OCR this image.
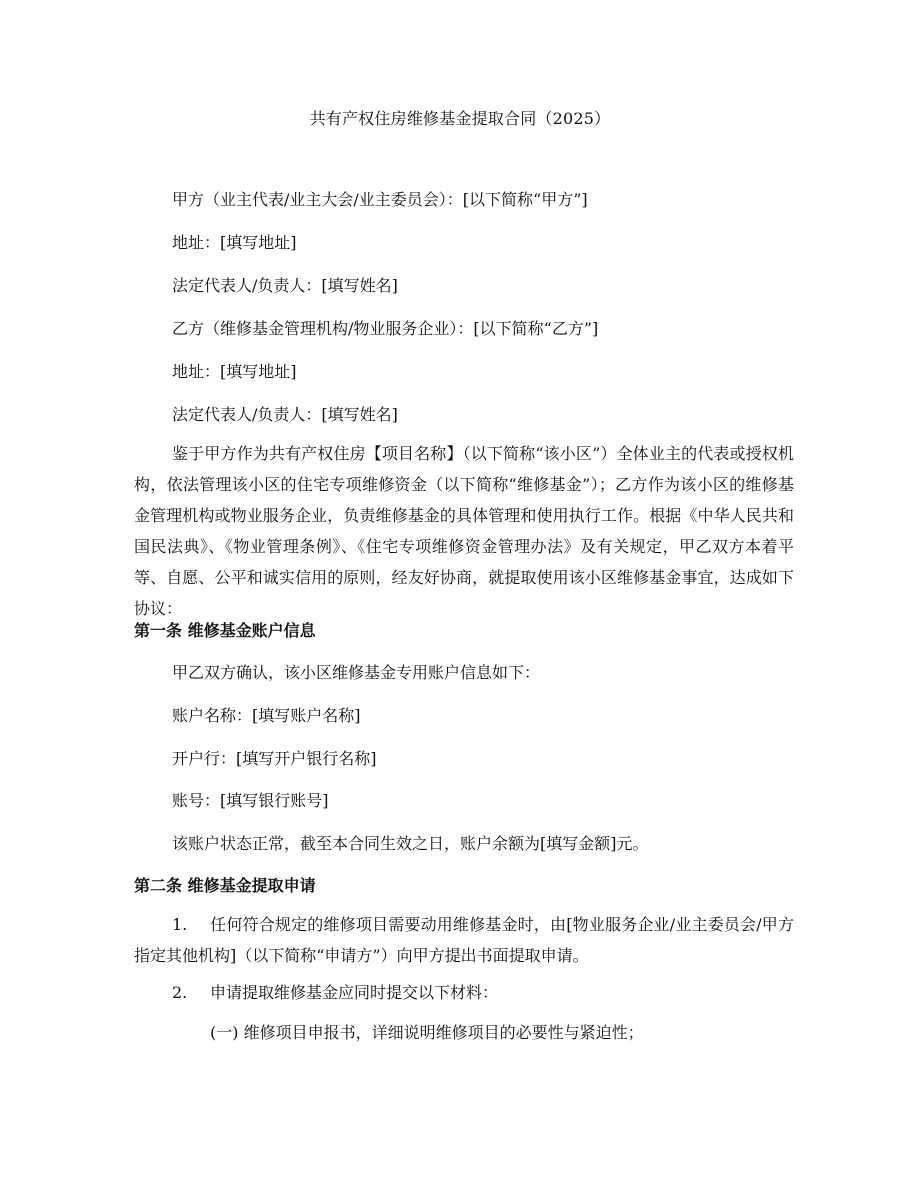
共有产权住房维修基金提取合同（2025）
甲方（业主代表/业主大会/业主委员会）：[以下简称“甲方”]
地址：[填写地址]
法定代表人/负责人：[填写姓名]
乙方（维修基金管理机构/物业服务企业）：[以下简称“乙方”]
地址：[填写地址]
法定代表人/负责人：[填写姓名]
鉴于甲方作为共有产权住房【项目名称】（以下简称“该小区”）全体业主的代表或授权机构，依法管理该小区的住宅专项维修资金（以下简称“维修基金”）；乙方作为该小区的维修基金管理机构或物业服务企业，负责维修基金的具体管理和使用执行工作。根据《中华人民共和国民法典》、《物业管理条例》、《住宅专项维修资金管理办法》及有关规定，甲乙双方本着平等、自愿、公平和诚实信用的原则，经友好协商，就提取使用该小区维修基金事宜，达成如下协议：
第一条 维修基金账户信息
甲乙双方确认，该小区维修基金专用账户信息如下：
账户名称：[填写账户名称]
开户行：[填写开户银行名称]
账号：[填写银行账号]
该账户状态正常，截至本合同生效之日，账户余额为[填写金额]元。
第二条 维修基金提取申请
1. 任何符合规定的维修项目需要动用维修基金时，由[物业服务企业/业主委员会/甲方指定其他机构]（以下简称“申请方”）向甲方提出书面提取申请。
2. 申请提取维修基金应同时提交以下材料：
(一) 维修项目申报书，详细说明维修项目的必要性与紧迫性；
